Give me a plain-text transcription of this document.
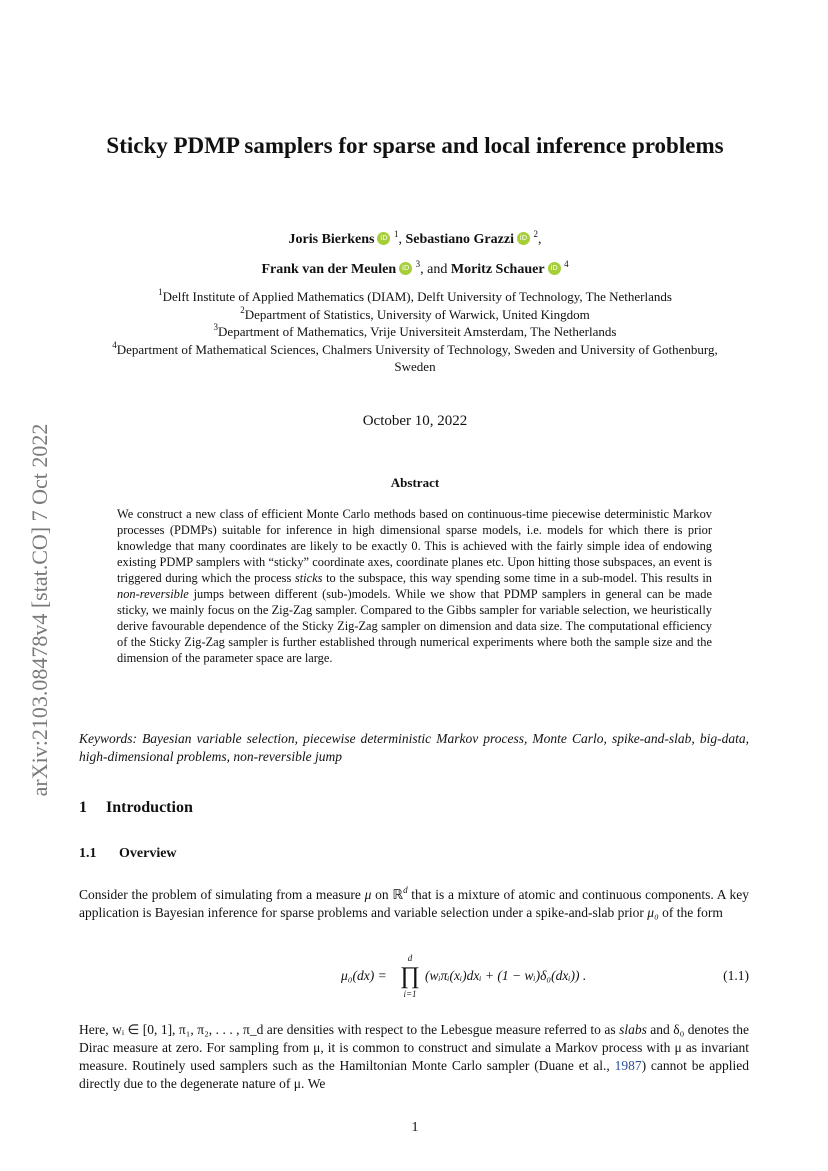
arXiv:2103.08478v4 [stat.CO] 7 Oct 2022
Sticky PDMP samplers for sparse and local inference problems
Joris Bierkens iD $^1$, Sebastiano Grazzi iD $^2$,
Frank van der Meulen iD $^3$, and Moritz Schauer iD $^4$
$^1$Delft Institute of Applied Mathematics (DIAM), Delft University of Technology, The Netherlands
$^2$Department of Statistics, University of Warwick, United Kingdom
$^3$Department of Mathematics, Vrije Universiteit Amsterdam, The Netherlands
$^4$Department of Mathematical Sciences, Chalmers University of Technology, Sweden and University of Gothenburg, Sweden
October 10, 2022
Abstract
We construct a new class of efficient Monte Carlo methods based on continuous-time piecewise deterministic Markov processes (PDMPs) suitable for inference in high dimensional sparse models, i.e. models for which there is prior knowledge that many coordinates are likely to be exactly 0. This is achieved with the fairly simple idea of endowing existing PDMP samplers with “sticky” coordinate axes, coordinate planes etc. Upon hitting those subspaces, an event is triggered during which the process sticks to the subspace, this way spending some time in a sub-model. This results in non-reversible jumps between different (sub-)models. While we show that PDMP samplers in general can be made sticky, we mainly focus on the Zig-Zag sampler. Compared to the Gibbs sampler for variable selection, we heuristically derive favourable dependence of the Sticky Zig-Zag sampler on dimension and data size. The computational efficiency of the Sticky Zig-Zag sampler is further established through numerical experiments where both the sample size and the dimension of the parameter space are large.
Keywords: Bayesian variable selection, piecewise deterministic Markov process, Monte Carlo, spike-and-slab, big-data, high-dimensional problems, non-reversible jump
1 Introduction
1.1 Overview
Consider the problem of simulating from a measure μ on ℝ$^d$ that is a mixture of atomic and continuous components. A key application is Bayesian inference for sparse problems and variable selection under a spike-and-slab prior μ₀ of the form
μ₀(dx) =
d
∏
i=1
(wᵢπᵢ(xᵢ)dxᵢ + (1 − wᵢ)δ₀(dxᵢ)) .	(1.1)
Here, wᵢ ∈ [0, 1], π₁, π₂, . . . , π_d are densities with respect to the Lebesgue measure referred to as slabs and δ₀ denotes the Dirac measure at zero. For sampling from μ, it is common to construct and simulate a Markov process with μ as invariant measure. Routinely used samplers such as the Hamiltonian Monte Carlo sampler (Duane et al., 1987) cannot be applied directly due to the degenerate nature of μ. We
1
